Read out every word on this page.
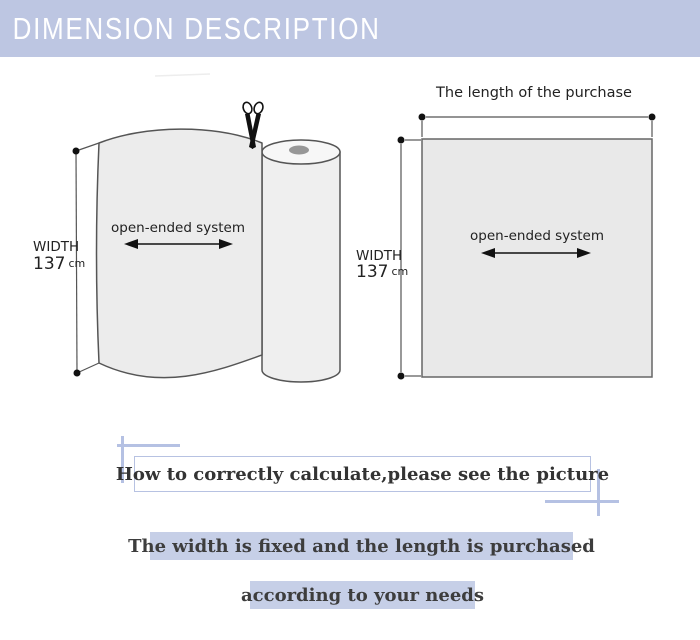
DIMENSION DESCRIPTION
WIDTH
137 cm
open-ended system
The length of the purchase
WIDTH
137 cm
open-ended system
How to correctly calculate,please see the picture
The width is fixed and the length is purchased
according to your needs
